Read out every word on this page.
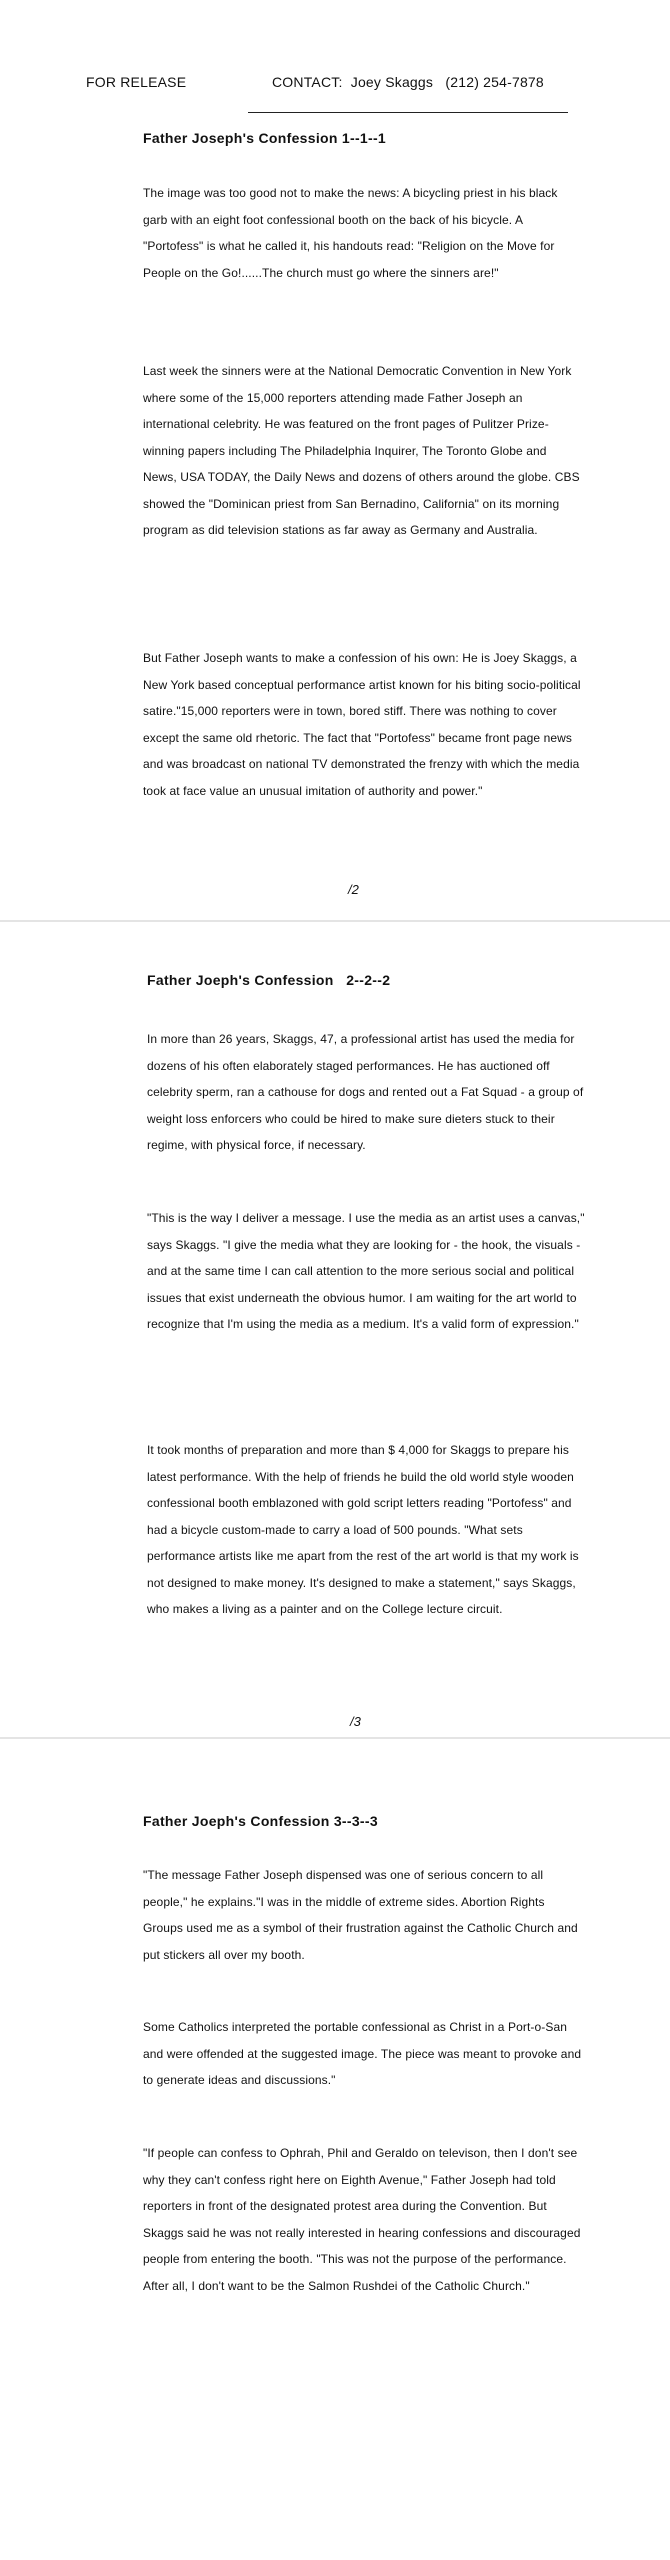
FOR RELEASE	CONTACT:  Joey Skaggs   (212) 254-7878
Father Joseph's Confession 1--1--1

The image was too good not to make the news: A bicycling priest in his black garb with an eight foot confessional booth on the back of his bicycle. A "Portofess" is what he called it, his handouts read: "Religion on the Move for People on the Go!......The church must go where the sinners are!"

Last week the sinners were at the National Democratic Convention in New York where some of the 15,000 reporters attending made Father Joseph an international celebrity. He was featured on the front pages of Pulitzer Prize-winning papers including The Philadelphia Inquirer, The Toronto Globe and News, USA TODAY, the Daily News and dozens of others around the globe. CBS showed the "Dominican priest from San Bernadino, California" on its morning program as did television stations as far away as Germany and Australia.

But Father Joseph wants to make a confession of his own: He is Joey Skaggs, a New York based conceptual performance artist known for his biting socio-political satire."15,000 reporters were in town, bored stiff. There was nothing to cover except the same old rhetoric. The fact that "Portofess" became front page news and was broadcast on national TV demonstrated the frenzy with which the media took at face value an unusual imitation of authority and power."

/2
Father Joeph's Confession   2--2--2

In more than 26 years, Skaggs, 47, a professional artist has used the media for dozens of his often elaborately staged performances. He has auctioned off celebrity sperm, ran a cathouse for dogs and rented out a Fat Squad - a group of weight loss enforcers who could be hired to make sure dieters stuck to their regime, with physical force, if necessary.

"This is the way I deliver a message. I use the media as an artist uses a canvas," says Skaggs. "I give the media what they are looking for - the hook, the visuals - and at the same time I can call attention to the more serious social and political issues that exist underneath the obvious humor. I am waiting for the art world to recognize that I'm using the media as a medium. It's a valid form of expression."

It took months of preparation and more than $ 4,000 for Skaggs to prepare his latest performance. With the help of friends he build the old world style wooden confessional booth emblazoned with gold script letters reading "Portofess" and had a bicycle custom-made to carry a load of 500 pounds. "What sets performance artists like me apart from the rest of the art world is that my work is not designed to make money. It's designed to make a statement," says Skaggs, who makes a living as a painter and on the College lecture circuit.

/3
Father Joeph's Confession 3--3--3

"The message Father Joseph dispensed was one of serious concern to all people," he explains."I was in the middle of extreme sides. Abortion Rights Groups used me as a symbol of their frustration against the Catholic Church and put stickers all over my booth.

Some Catholics interpreted the portable confessional as Christ in a Port-o-San and were offended at the suggested image. The piece was meant to provoke and to generate ideas and discussions."

"If people can confess to Ophrah, Phil and Geraldo on televison, then I don't see why they can't confess right here on Eighth Avenue," Father Joseph had told reporters in front of the designated protest area during the Convention. But Skaggs said he was not really interested in hearing confessions and discouraged people from entering the booth. "This was not the purpose of the performance. After all, I don't want to be the Salmon Rushdei of the Catholic Church."
